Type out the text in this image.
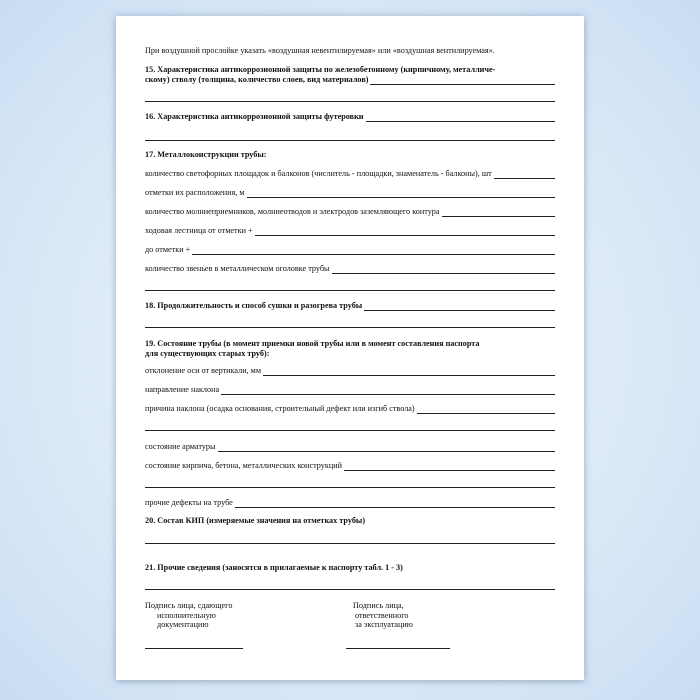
При воздушной прослойке указать «воздушная невентилируемая» или «воздушная вентилируемая».
15. Характеристика антикоррозионной защиты по железобетонному (кирпичному, металличе-
скому) стволу (толщина, количество слоев, вид материалов)
16. Характеристика антикоррозионной защиты футеровки
17. Металлоконструкции трубы:
количество светофорных площадок и балконов (числитель - площадки, знаменатель - балконы), шт
отметки их расположения, м
количество молниеприемников, молниеотводов и электродов заземляющего контура
ходовая лестница от отметки +
до отметки +
количество звеньев в металлическом оголовке трубы
18. Продолжительность и способ сушки и разогрева трубы
19. Состояние трубы (в момент приемки новой трубы или в момент составления паспорта
для существующих старых труб):
отклонение оси от вертикали, мм
направление наклона
причина наклона (осадка основания, строительный дефект или изгиб ствола)
состояние арматуры
состояние кирпича, бетона, металлических конструкций
прочие дефекты на трубе
20. Состав КИП (измеряемые значения на отметках трубы)
21. Прочие сведения (заносятся в прилагаемые к паспорту табл. 1 - 3)
Подпись лица, сдающего
исполнительную
документацию
Подпись лица,
ответственного
за эксплуатацию
